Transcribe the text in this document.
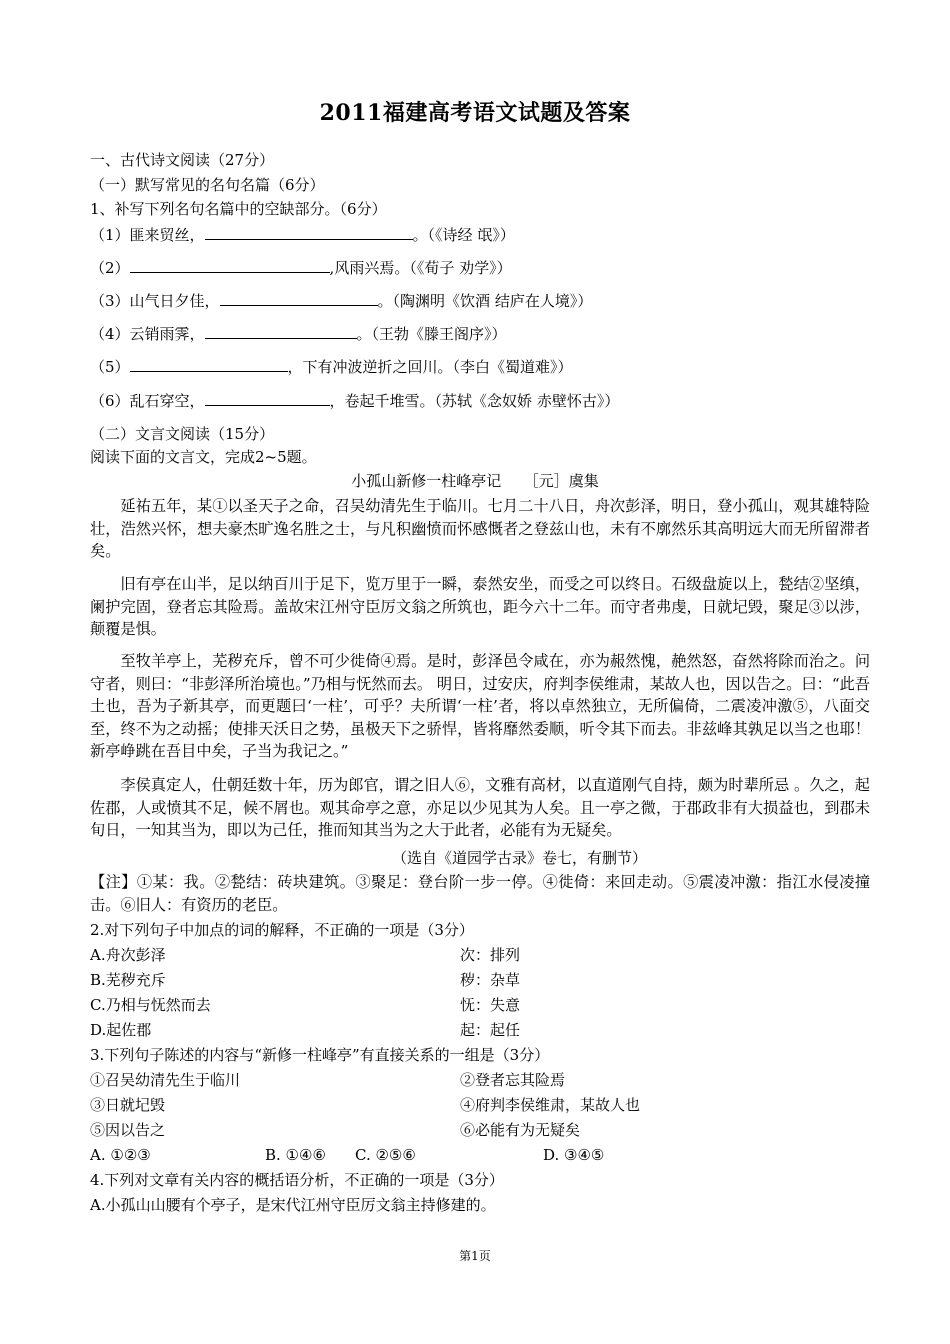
2011福建高考语文试题及答案
一、古代诗文阅读（27分）
（一）默写常见的名句名篇（6分）
1、补写下列名句名篇中的空缺部分。（6分）
（1）匪来贸丝，	。（《诗经 氓》）
（2）	,风雨兴焉。（《荀子 劝学》）
（3）山气日夕佳，	。（陶渊明《饮酒 结庐在人境》）
（4）云销雨霁，	。（王勃《滕王阁序》）
（5）	，下有冲波逆折之回川。（李白《蜀道难》）
（6）乱石穿空，	，卷起千堆雪。（苏轼《念奴娇 赤壁怀古》）
（二）文言文阅读（15分）
阅读下面的文言文，完成2~5题。
小孤山新修一柱峰亭记　　［元］虞集
延祐五年，某①以圣天子之命，召吴幼清先生于临川。七月二十八日，舟次彭泽，明日，登小孤山，观其雄特险壮，浩然兴怀，想夫豪杰旷逸名胜之士，与凡积幽愤而怀感慨者之登兹山也，未有不廓然乐其高明远大而无所留滞者矣。
旧有亭在山半，足以纳百川于足下，览万里于一瞬，泰然安坐，而受之可以终日。石级盘旋以上，甃结②坚缜，阑护完固，登者忘其险焉。盖故宋江州守臣厉文翁之所筑也，距今六十二年。而守者弗虔，日就圮毁，聚足③以涉，颠覆是惧。
至牧羊亭上，芜秽充斥，曾不可少徙倚④焉。是时，彭泽邑令咸在，亦为赧然愧，赩然怒，奋然将除而治之。问守者，则曰：“非彭泽所治境也。”乃相与怃然而去。 明日，过安庆，府判李侯维肃，某故人也，因以告之。曰：“此吾土也，吾为子新其亭，而更题曰‘一柱’，可乎？夫所谓‘一柱’者，将以卓然独立，无所偏倚，二震凌冲激⑤，八面交至，终不为之动摇；使排天沃日之势，虽极天下之骄悍，皆将靡然委顺，听令其下而去。非兹峰其孰足以当之也耶！新亭峥跳在吾目中矣，子当为我记之。”
李侯真定人，仕朝廷数十年，历为郎官，谓之旧人⑥，文雅有高材，以直道刚气自持，颇为时辈所忌 。久之，起佐郡，人或愤其不足，候不屑也。观其命亭之意，亦足以少见其为人矣。且一亭之微，于郡政非有大损益也，到郡未旬日，一知其当为，即以为己任，推而知其当为之大于此者，必能有为无疑矣。
（选自《道园学古录》卷七，有删节）
【注】①某：我。②甃结：砖块建筑。③聚足：登台阶一步一停。④徙倚：来回走动。⑤震凌冲激：指江水侵凌撞击。⑥旧人：有资历的老臣。
2.对下列句子中加点的词的解释，不正确的一项是（3分）
A.舟次彭泽	次：排列
B.芜秽充斥	秽：杂草
C.乃相与怃然而去	怃：失意
D.起佐郡	起：起任
3.下列句子陈述的内容与“新修一柱峰亭”有直接关系的一组是（3分）
①召吴幼清先生于临川	②登者忘其险焉
③日就圮毁	④府判李侯维肃，某故人也
⑤因以告之	⑥必能有为无疑矣
A. ①②③	B. ①④⑥ C. ②⑤⑥	D. ③④⑤
4.下列对文章有关内容的概括语分析，不正确的一项是（3分）
A.小孤山山腰有个亭子，是宋代江州守臣厉文翁主持修建的。
第1页
